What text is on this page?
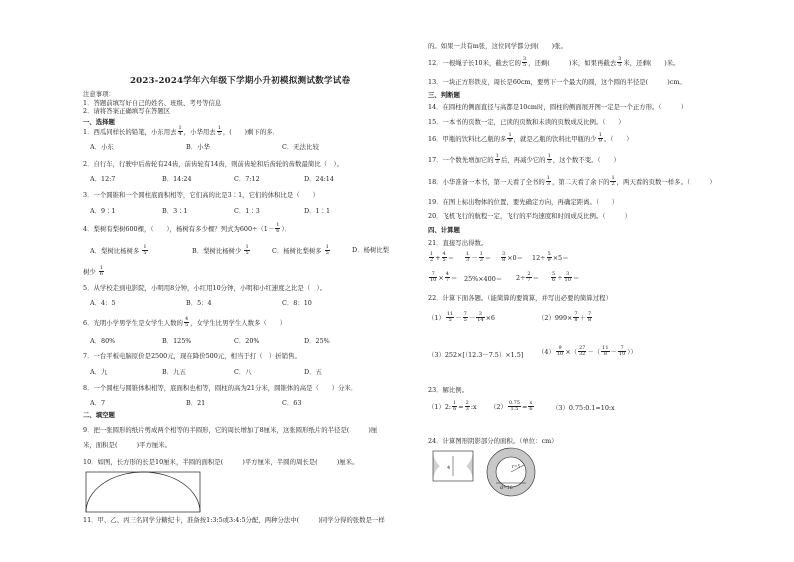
2023-2024学年六年级下学期小升初模拟测试数学试卷
注意事项：
1．答题前填写好自己的姓名、班级、考号等信息
2．请将答案正确填写在答题区
一、选择题
1．西瓜同样长的铅笔，小东用去 $\frac{1}{4}$ ，小华用去 $\frac{1}{5}$ ，(　　)剩下的多．
A．小东	B．小华	C．无法比较
2．自行车，行驶中后齿轮有24齿，前齿轮有14齿，则前齿轮和后齿轮的齿数最简比（　）。
A．12:7	B．14:24	C．7:12	D．24:14
3．一个圆锥和一个圆柱底面积相等，它们高的比是3∶1，它们的体积比是（　　）
A．9∶1	B．3∶1	C．1∶3	D．1∶1
4．梨树有梨树600棵，（　　），杨树有多少棵？列式为$600\div(1- \frac{1}{6}$ ）．
A．梨树比杨树多 $\frac{1}{5}$	B．梨树比杨树少 $\frac{1}{5}$	C．杨树比梨树多 $\frac{1}{5}$	D．杨树比梨
树少 $\frac{1}{6}$
5．从学校走到电影院，小明用8分钟，小红用10分钟，小明和小红速度之比是（　）。
A．4：5	B．5：4	C．8：10
6．光明小学男学生是女学生人数的 $\frac{4}{5}$ ，女学生比男学生人数多（　　）
A．80%	B．125%	C．20%	D．25%
7．一台平板电脑原价是2500元，现在降价500元，相当于打（　）折销售。
A．九	B．九五	C．八	D．五
8．一个圆柱与圆锥体积相等，底面积也相等，圆柱的高为21分米，圆锥体的高是（　　）分米．
A．7	B．21	C．63
二、填空题
9．把一张圆形的纸片剪成两个相等的半圆形，它的周长增加了8厘米，这张圆形纸片的半径是(　　　)厘
米，面积是(　　　)平方厘米。
10．如图，长方形的长是10厘米，半圆的面积是(　　　)平方厘米，半圆的周长是(　　　)厘米。
11．甲、乙、丙三名同学分糖纪卡，准备按1:3:5或3:4:5分配，两种分法中(　　　)同学分得的张数是一样
的。如果一共有m张，这位同学都分到(　　)张。
12．一根绳子长10米，截去它的 $\frac{3}{5}$ ，还剩(　　　)米，如果再截去 $\frac{3}{5}$ 米，还剩(　　)米。
13．一块正方形铁皮，周长是60cm，要剪下一个最大的圆，这个圆的半径是(　　　)cm。
三、判断题
14．在圆柱的侧面直径与高都是10cm时，圆柱的侧面展开图一定是一个正方形。（　　　）
15．一本书的页数一定，已读的页数和未读的页数成反比例。（　　）
16．甲瓶的饮料比乙瓶的多 $\frac{1}{9}$ ，就是乙瓶的饮料比甲瓶的少 $\frac{1}{9}$ 。（　　）
17．一个数先增加它的 $\frac{1}{3}$ 后，再减少它的 $\frac{1}{3}$ ，这个数不变。（　　）
18．小华准备一本书，第一天看了全书的 $\frac{1}{3}$ ，第二天看了余下的 $\frac{1}{2}$ ，两天看的页数一样多。（　　　）
19．在图上标出物体的位置，要先确定方向，再确定距离。（　　）
20．飞机飞行的航程一定，飞行的平均速度和时间成反比例。（　　　）
四、计算题
21．直接写出得数。
$\frac{1}{2} + \frac{4}{5} = \frac{1}{3} - \frac{1}{3} = \frac{3}{8} \times 0= 12\div \frac{5}{9} \times 5=$
$\frac{7}{10} \times \frac{4}{7} = 25\%\times 400= 2\div \frac{2}{7} = \frac{5}{6} \div \frac{3}{10}$ ＝
22．计算下面各题。（能简算的要简算，并写出必要的简算过程）
$(1) \frac{11}{5} - \frac{7}{5} - \frac{3}{14} \times 6$	$(2)999\times \frac{7}{8} + \frac{7}{8}$
（3）252×[（12.3－7.5）×1.5] $(4) \frac{9}{10}$ ×（ $\frac{27}{32}$ －（ $\frac{11}{8} - \frac{7}{10}$ ））
23．解比例。
（1）2: $\frac{1}{6} = \frac{2}{3}$ :x $(2) \frac{0.75}{1.5} = \frac{x}{6}$	（3）0.75:0.1=10:x
24．计算图形阴影部分的面积。（单位：cm）
4	r=5
d=16
